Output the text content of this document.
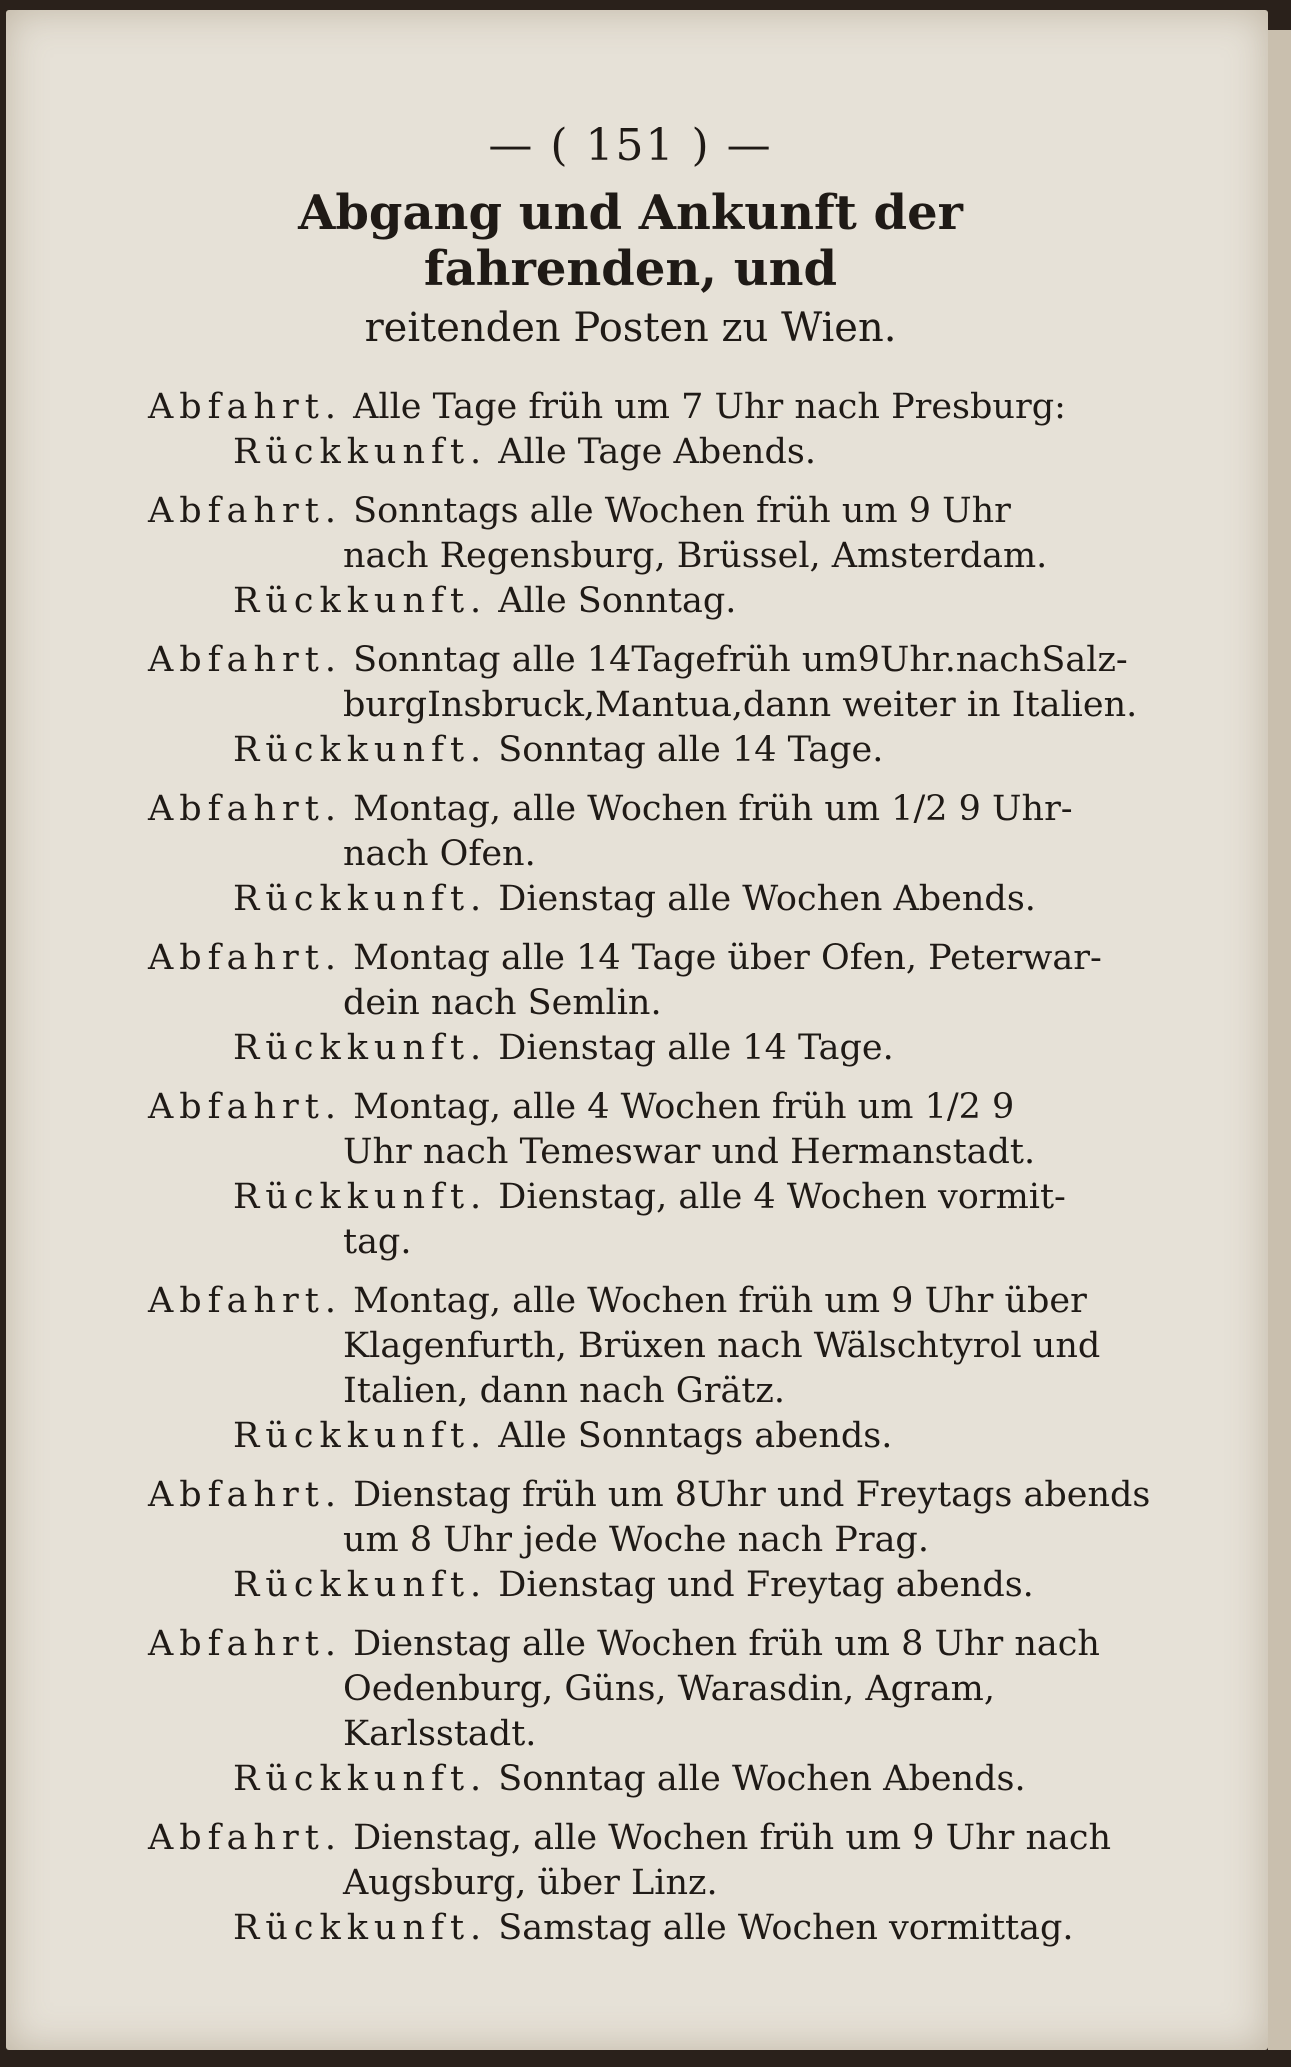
— ( 151 ) —
Abgang und Ankunft der fahrenden, und
reitenden Posten zu Wien.
Abfahrt. Alle Tage früh um 7 Uhr nach Presburg:
Rückkunft. Alle Tage Abends.
Abfahrt. Sonntags alle Wochen früh um 9 Uhr
nach Regensburg, Brüssel, Amsterdam.
Rückkunft. Alle Sonntag.
Abfahrt. Sonntag alle 14Tagefrüh um9Uhr.nachSalz-
burgInsbruck,Mantua,dann weiter in Italien.
Rückkunft. Sonntag alle 14 Tage.
Abfahrt. Montag, alle Wochen früh um 1/2 9 Uhr-
nach Ofen.
Rückkunft. Dienstag alle Wochen Abends.
Abfahrt. Montag alle 14 Tage über Ofen, Peterwar-
dein nach Semlin.
Rückkunft. Dienstag alle 14 Tage.
Abfahrt. Montag, alle 4 Wochen früh um 1/2 9
Uhr nach Temeswar und Hermanstadt.
Rückkunft. Dienstag, alle 4 Wochen vormit-
tag.
Abfahrt. Montag, alle Wochen früh um 9 Uhr über
Klagenfurth, Brüxen nach Wälschtyrol und
Italien, dann nach Grätz.
Rückkunft. Alle Sonntags abends.
Abfahrt. Dienstag früh um 8Uhr und Freytags abends
um 8 Uhr jede Woche nach Prag.
Rückkunft. Dienstag und Freytag abends.
Abfahrt. Dienstag alle Wochen früh um 8 Uhr nach
Oedenburg, Güns, Warasdin, Agram,
Karlsstadt.
Rückkunft. Sonntag alle Wochen Abends.
Abfahrt. Dienstag, alle Wochen früh um 9 Uhr nach
Augsburg, über Linz.
Rückkunft. Samstag alle Wochen vormittag.
